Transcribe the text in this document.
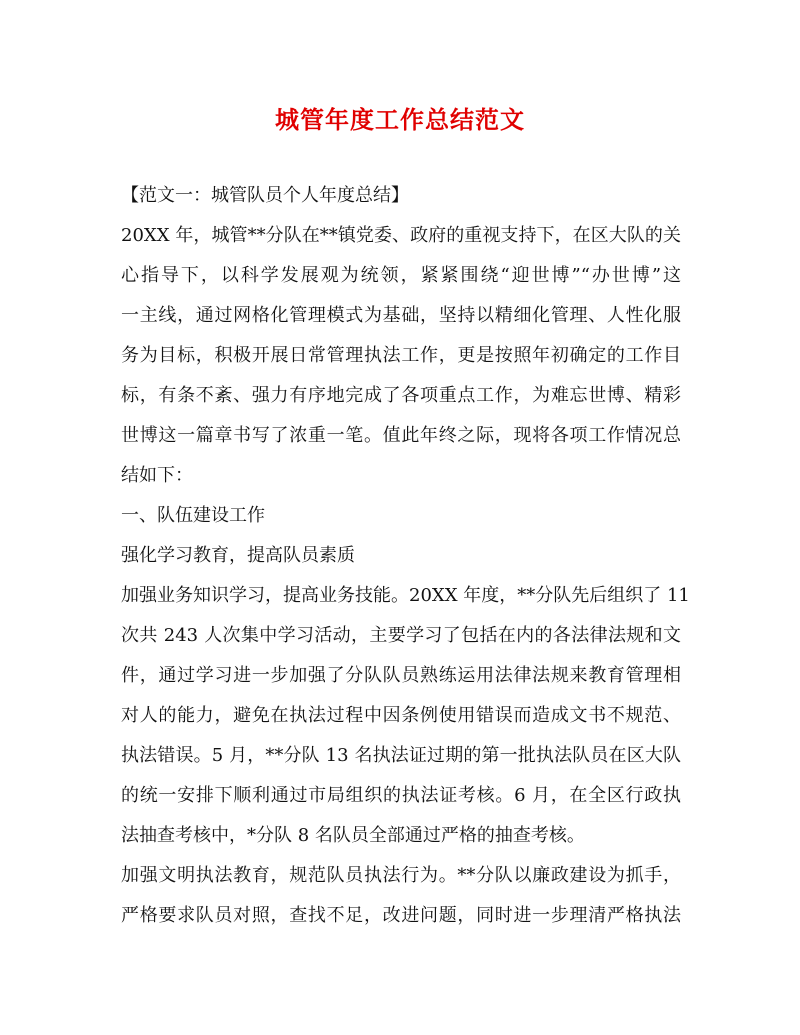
城管年度工作总结范文
【范文一：城管队员个人年度总结】
20XX 年，城管**分队在**镇党委、政府的重视支持下，在区大队的关
心指导下，以科学发展观为统领，紧紧围绕“迎世博”“办世博”这
一主线，通过网格化管理模式为基础，坚持以精细化管理、人性化服
务为目标，积极开展日常管理执法工作，更是按照年初确定的工作目
标，有条不紊、强力有序地完成了各项重点工作，为难忘世博、精彩
世博这一篇章书写了浓重一笔。值此年终之际，现将各项工作情况总
结如下：
一、队伍建设工作
强化学习教育，提高队员素质
加强业务知识学习，提高业务技能。20XX 年度，**分队先后组织了 11
次共 243 人次集中学习活动，主要学习了包括在内的各法律法规和文
件，通过学习进一步加强了分队队员熟练运用法律法规来教育管理相
对人的能力，避免在执法过程中因条例使用错误而造成文书不规范、
执法错误。5 月，**分队 13 名执法证过期的第一批执法队员在区大队
的统一安排下顺利通过市局组织的执法证考核。6 月，在全区行政执
法抽查考核中，*分队 8 名队员全部通过严格的抽查考核。
加强文明执法教育，规范队员执法行为。**分队以廉政建设为抓手，
严格要求队员对照，查找不足，改进问题，同时进一步理清严格执法
